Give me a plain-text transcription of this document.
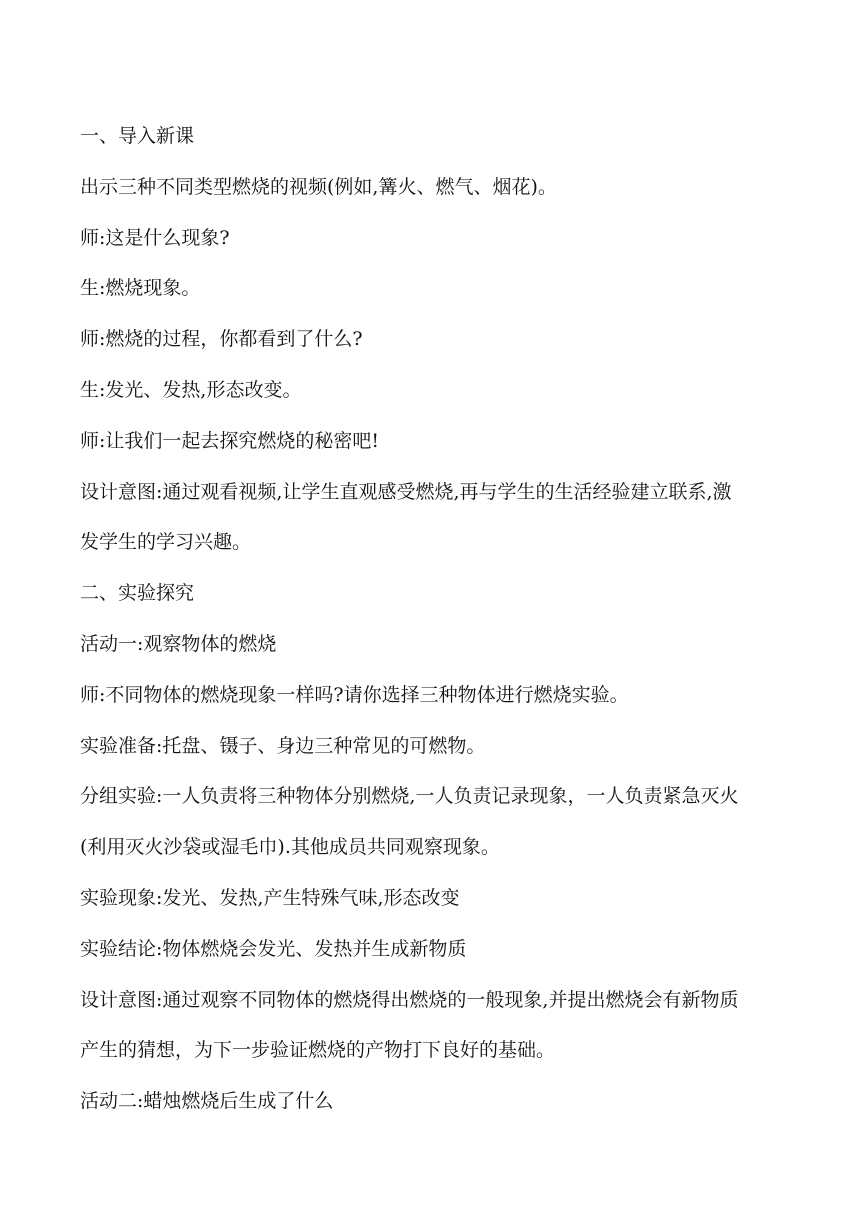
一、导入新课
出示三种不同类型燃烧的视频(例如,篝火、燃气、烟花)。
师:这是什么现象?
生:燃烧现象。
师:燃烧的过程，你都看到了什么?
生:发光、发热,形态改变。
师:让我们一起去探究燃烧的秘密吧!
设计意图:通过观看视频,让学生直观感受燃烧,再与学生的生活经验建立联系,激
发学生的学习兴趣。
二、实验探究
活动一:观察物体的燃烧
师:不同物体的燃烧现象一样吗?请你选择三种物体进行燃烧实验。
实验准备:托盘、镊子、身边三种常见的可燃物。
分组实验:一人负责将三种物体分别燃烧,一人负责记录现象，一人负责紧急灭火
(利用灭火沙袋或湿毛巾).其他成员共同观察现象。
实验现象:发光、发热,产生特殊气味,形态改变
实验结论:物体燃烧会发光、发热并生成新物质
设计意图:通过观察不同物体的燃烧得出燃烧的一般现象,并提出燃烧会有新物质
产生的猜想，为下一步验证燃烧的产物打下良好的基础。
活动二:蜡烛燃烧后生成了什么
